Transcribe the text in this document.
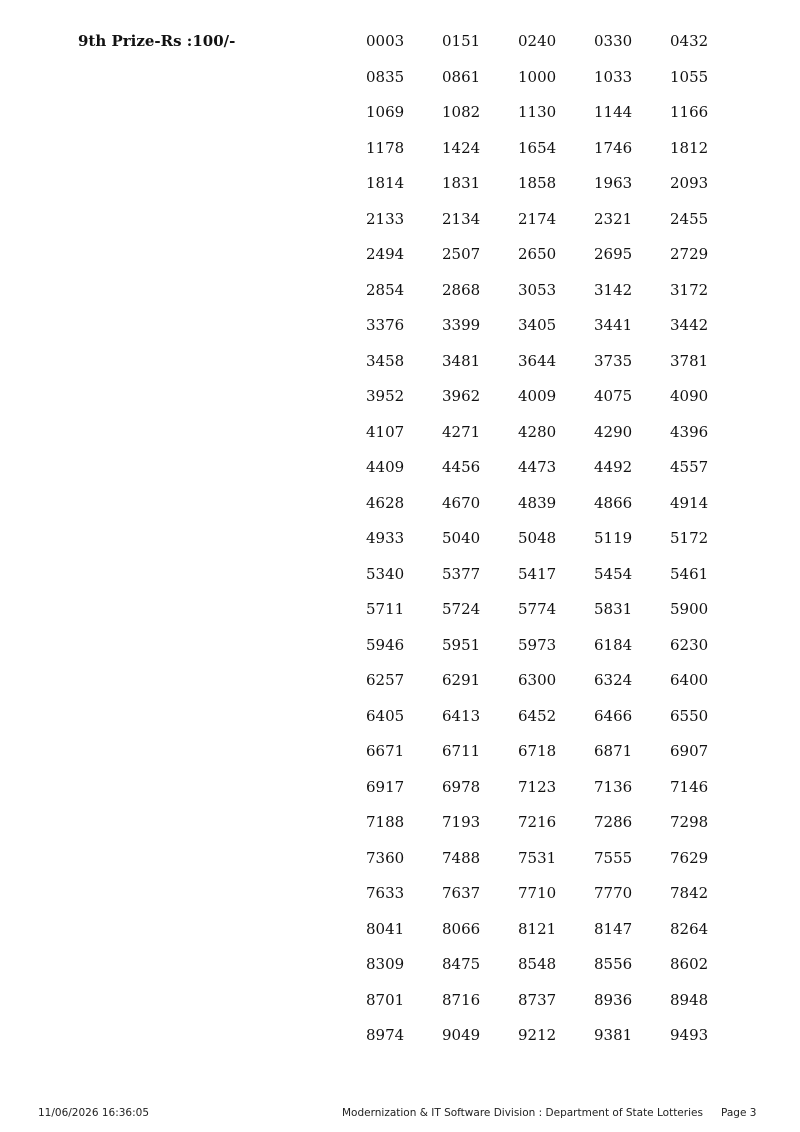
9th Prize-Rs :100/-	0003	0151	0240	0330	0432
0835	0861	1000	1033	1055
1069	1082	1130	1144	1166
1178	1424	1654	1746	1812
1814	1831	1858	1963	2093
2133	2134	2174	2321	2455
2494	2507	2650	2695	2729
2854	2868	3053	3142	3172
3376	3399	3405	3441	3442
3458	3481	3644	3735	3781
3952	3962	4009	4075	4090
4107	4271	4280	4290	4396
4409	4456	4473	4492	4557
4628	4670	4839	4866	4914
4933	5040	5048	5119	5172
5340	5377	5417	5454	5461
5711	5724	5774	5831	5900
5946	5951	5973	6184	6230
6257	6291	6300	6324	6400
6405	6413	6452	6466	6550
6671	6711	6718	6871	6907
6917	6978	7123	7136	7146
7188	7193	7216	7286	7298
7360	7488	7531	7555	7629
7633	7637	7710	7770	7842
8041	8066	8121	8147	8264
8309	8475	8548	8556	8602
8701	8716	8737	8936	8948
8974	9049	9212	9381	9493
11/06/2026 16:36:05	Modernization & IT Software Division : Department of State Lotteries Page 3
